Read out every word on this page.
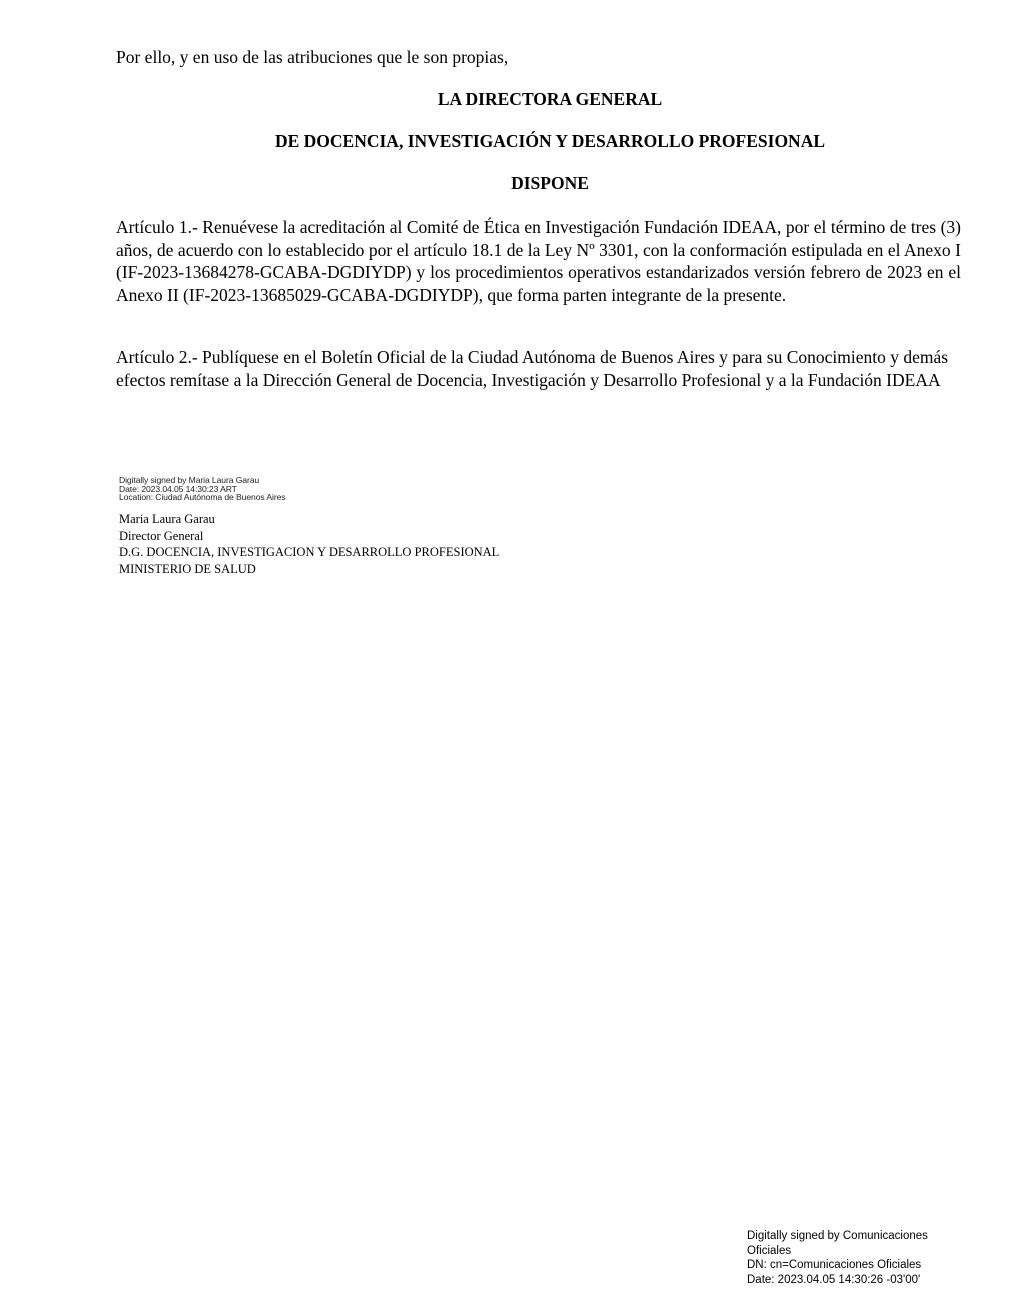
Por ello, y en uso de las atribuciones que le son propias,
LA DIRECTORA GENERAL
DE DOCENCIA, INVESTIGACIÓN Y DESARROLLO PROFESIONAL
DISPONE
Artículo 1.- Renuévese la acreditación al Comité de Ética en Investigación Fundación IDEAA, por el término de tres (3) años, de acuerdo con lo establecido por el artículo 18.1 de la Ley Nº 3301, con la conformación estipulada en el Anexo I (IF-2023-13684278-GCABA-DGDIYDP) y los procedimientos operativos estandarizados versión febrero de 2023 en el Anexo II (IF-2023-13685029-GCABA-DGDIYDP), que forma parten integrante de la presente.
Artículo 2.- Publíquese en el Boletín Oficial de la Ciudad Autónoma de Buenos Aires y para su Conocimiento y demás efectos remítase a la Dirección General de Docencia, Investigación y Desarrollo Profesional y a la Fundación IDEAA
Digitally signed by Maria Laura Garau
Date: 2023.04.05 14:30:23 ART
Location: Ciudad Autónoma de Buenos Aires
Maria Laura Garau
Director General
D.G. DOCENCIA, INVESTIGACION Y DESARROLLO PROFESIONAL
MINISTERIO DE SALUD
Digitally signed by Comunicaciones
Oficiales
DN: cn=Comunicaciones Oficiales
Date: 2023.04.05 14:30:26 -03'00'
